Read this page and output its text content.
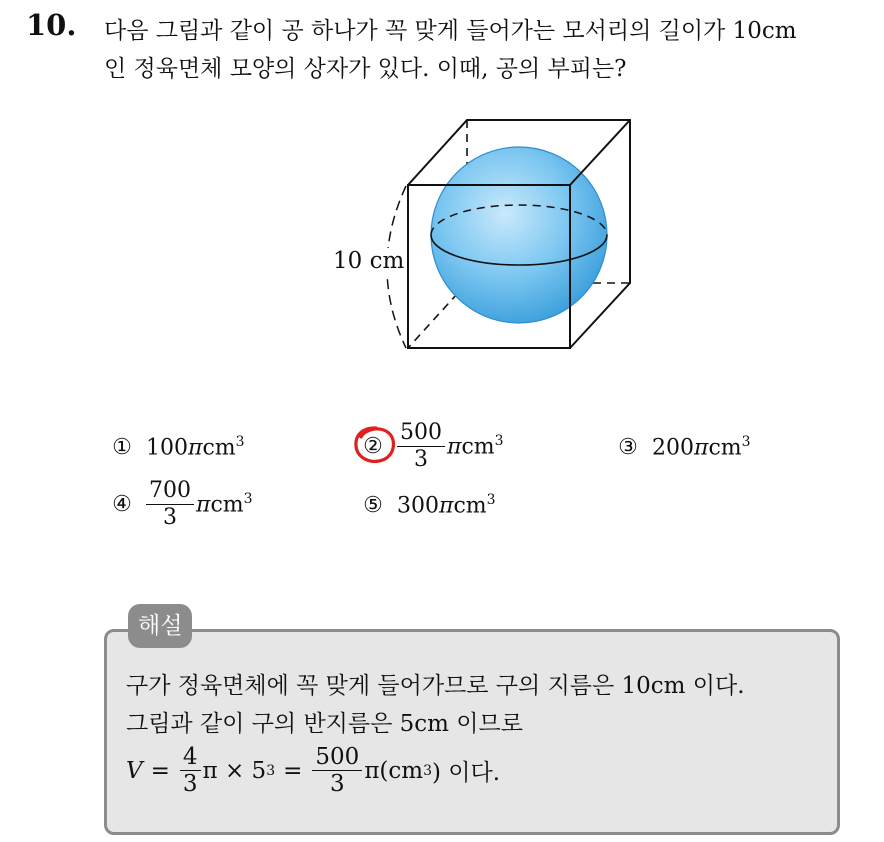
10. 다음 그림과 같이 공 하나가 꼭 맞게 들어가는 모서리의 길이가 10cm
인 정육면체 모양의 상자가 있다. 이때, 공의 부피는?
10 cm
① 100πcm$^3$	② $\frac{500}{3} \pi cm^3$	③ 200πcm$^3$
④ $\frac{700}{3} \pi cm^3$	⑤ 300πcm$^3$
해설
구가 정육면체에 꼭 맞게 들어가므로 구의 지름은 10cm 이다.
그림과 같이 구의 반지름은 5cm 이므로
$V = \frac{4}{3}$ π × 5 $3 = \frac{500}{3} \pi(cm$ 3 ) 이다.
